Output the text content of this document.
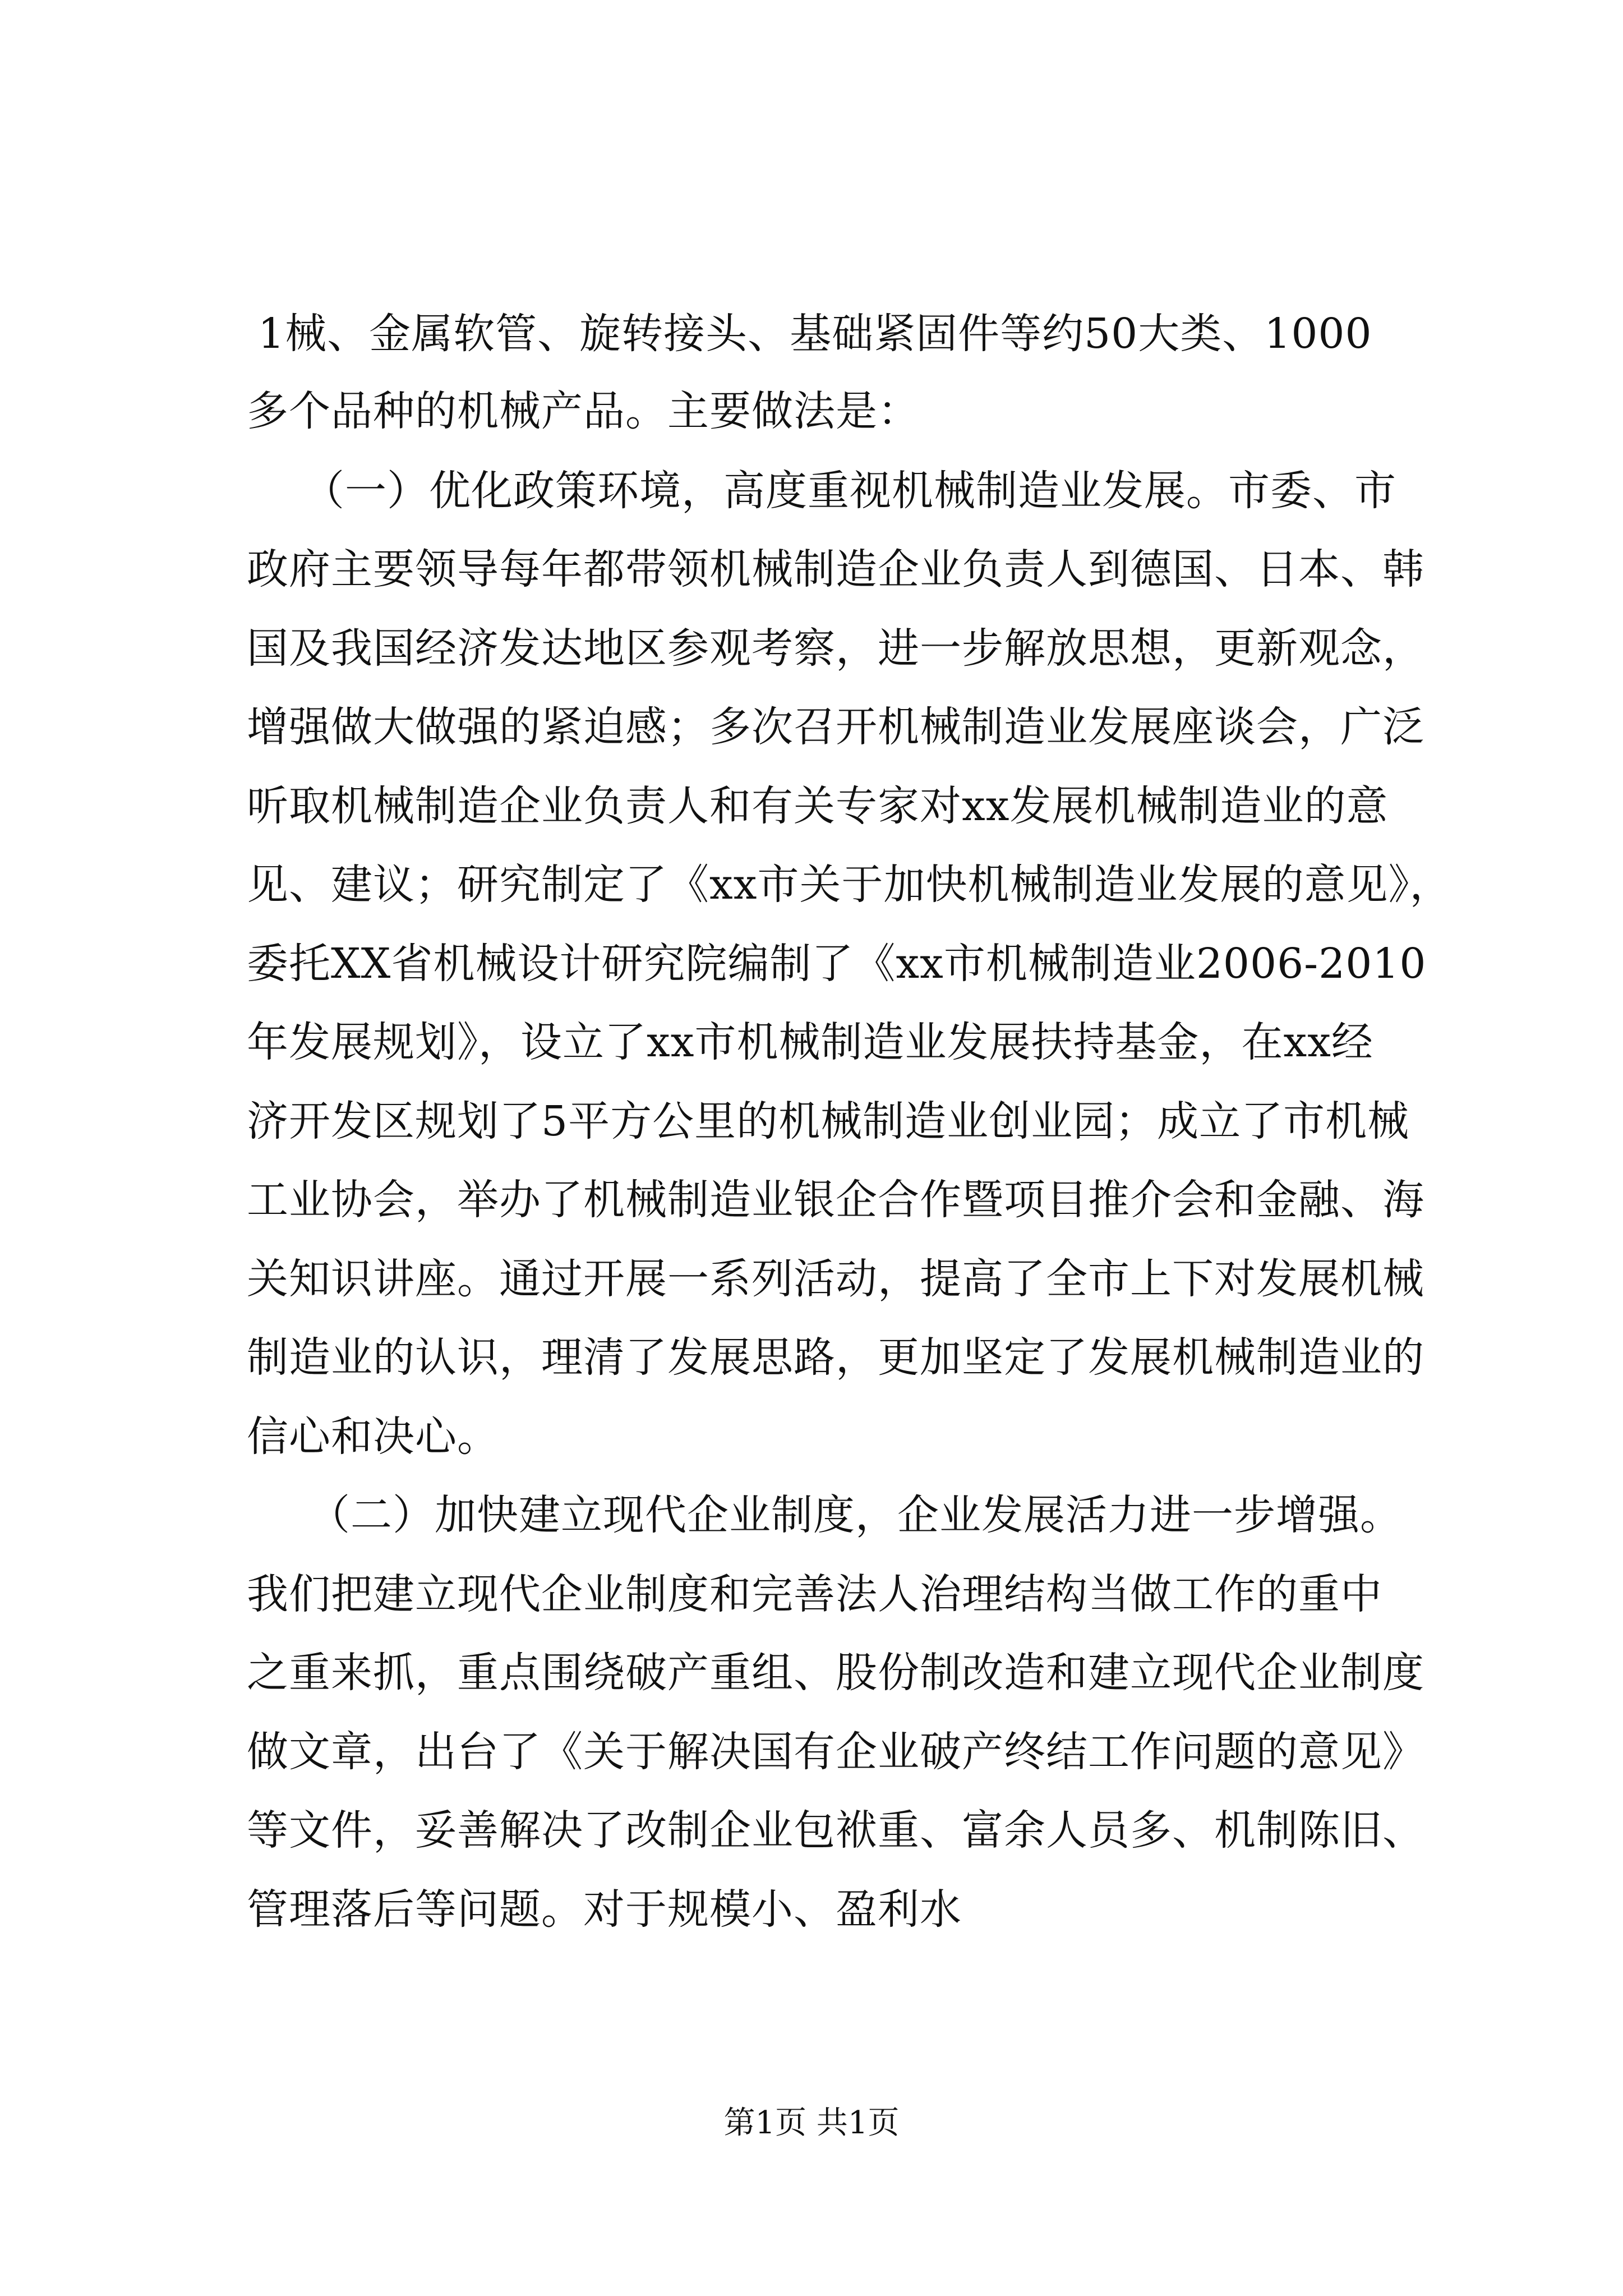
1械、金属软管、旋转接头、基础紧固件等约50大类、1000
多个品种的机械产品。主要做法是：
（一）优化政策环境，高度重视机械制造业发展。市委、市
政府主要领导每年都带领机械制造企业负责人到德国、日本、韩
国及我国经济发达地区参观考察，进一步解放思想，更新观念，
增强做大做强的紧迫感；多次召开机械制造业发展座谈会，广泛
听取机械制造企业负责人和有关专家对xx发展机械制造业的意
见、建议；研究制定了《xx市关于加快机械制造业发展的意见》，
委托XX省机械设计研究院编制了《xx市机械制造业2006-2010
年发展规划》，设立了xx市机械制造业发展扶持基金，在xx经
济开发区规划了5平方公里的机械制造业创业园；成立了市机械
工业协会，举办了机械制造业银企合作暨项目推介会和金融、海
关知识讲座。通过开展一系列活动，提高了全市上下对发展机械
制造业的认识，理清了发展思路，更加坚定了发展机械制造业的
信心和决心。
（二）加快建立现代企业制度，企业发展活力进一步增强。
我们把建立现代企业制度和完善法人治理结构当做工作的重中
之重来抓，重点围绕破产重组、股份制改造和建立现代企业制度
做文章，出台了《关于解决国有企业破产终结工作问题的意见》
等文件，妥善解决了改制企业包袱重、富余人员多、机制陈旧、
管理落后等问题。对于规模小、盈利水
第1页 共1页
